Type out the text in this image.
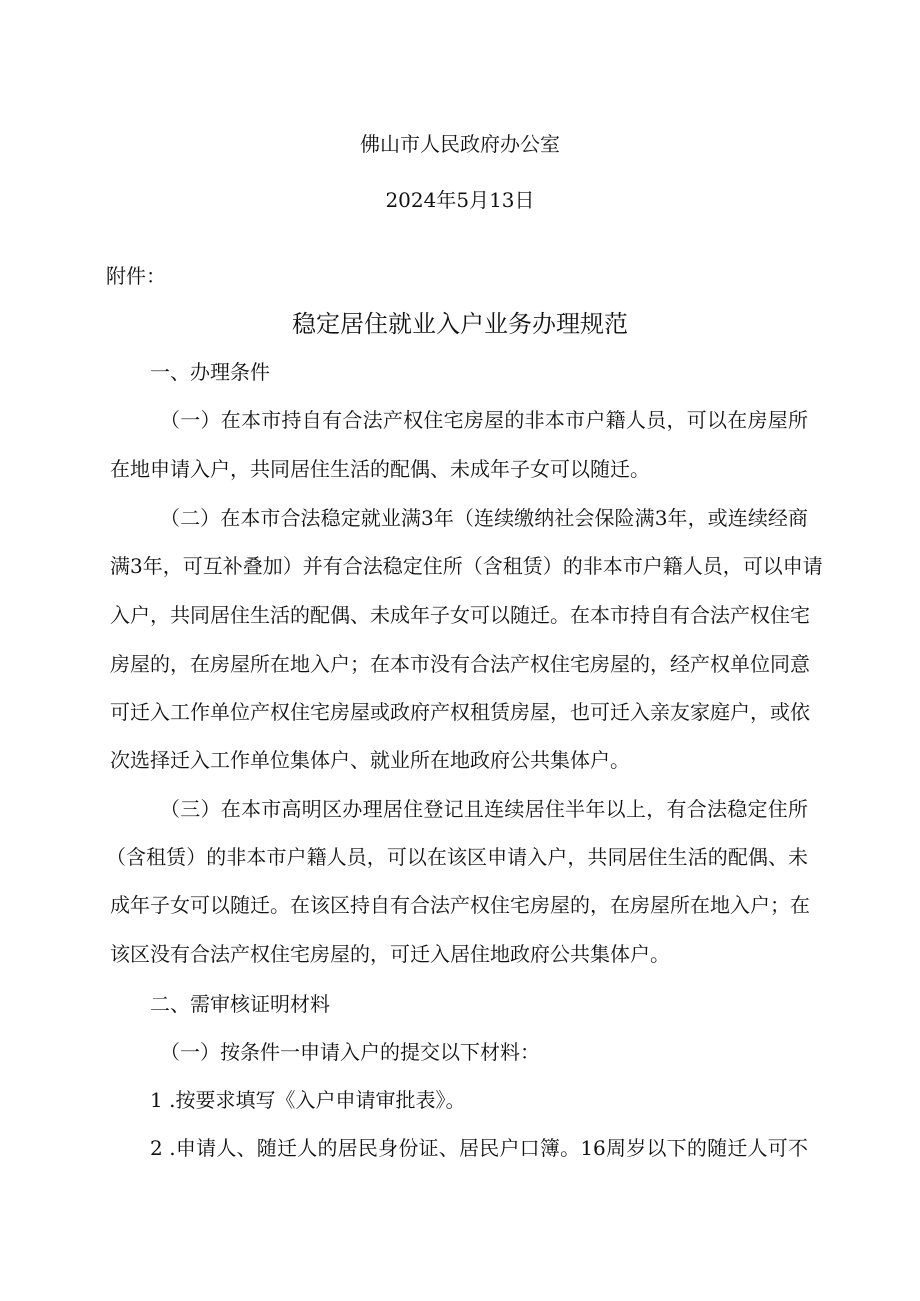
佛山市人民政府办公室
2024年5月13日
附件：
稳定居住就业入户业务办理规范
一、办理条件
（一）在本市持自有合法产权住宅房屋的非本市户籍人员，可以在房屋所
在地申请入户，共同居住生活的配偶、未成年子女可以随迁。
（二）在本市合法稳定就业满3年（连续缴纳社会保险满3年，或连续经商
满3年，可互补叠加）并有合法稳定住所（含租赁）的非本市户籍人员，可以申请
入户，共同居住生活的配偶、未成年子女可以随迁。在本市持自有合法产权住宅
房屋的，在房屋所在地入户；在本市没有合法产权住宅房屋的，经产权单位同意
可迁入工作单位产权住宅房屋或政府产权租赁房屋，也可迁入亲友家庭户，或依
次选择迁入工作单位集体户、就业所在地政府公共集体户。
（三）在本市高明区办理居住登记且连续居住半年以上，有合法稳定住所
（含租赁）的非本市户籍人员，可以在该区申请入户，共同居住生活的配偶、未
成年子女可以随迁。在该区持自有合法产权住宅房屋的，在房屋所在地入户；在
该区没有合法产权住宅房屋的，可迁入居住地政府公共集体户。
二、需审核证明材料
（一）按条件一申请入户的提交以下材料：
1 .按要求填写《入户申请审批表》。
2 .申请人、随迁人的居民身份证、居民户口簿。16周岁以下的随迁人可不
